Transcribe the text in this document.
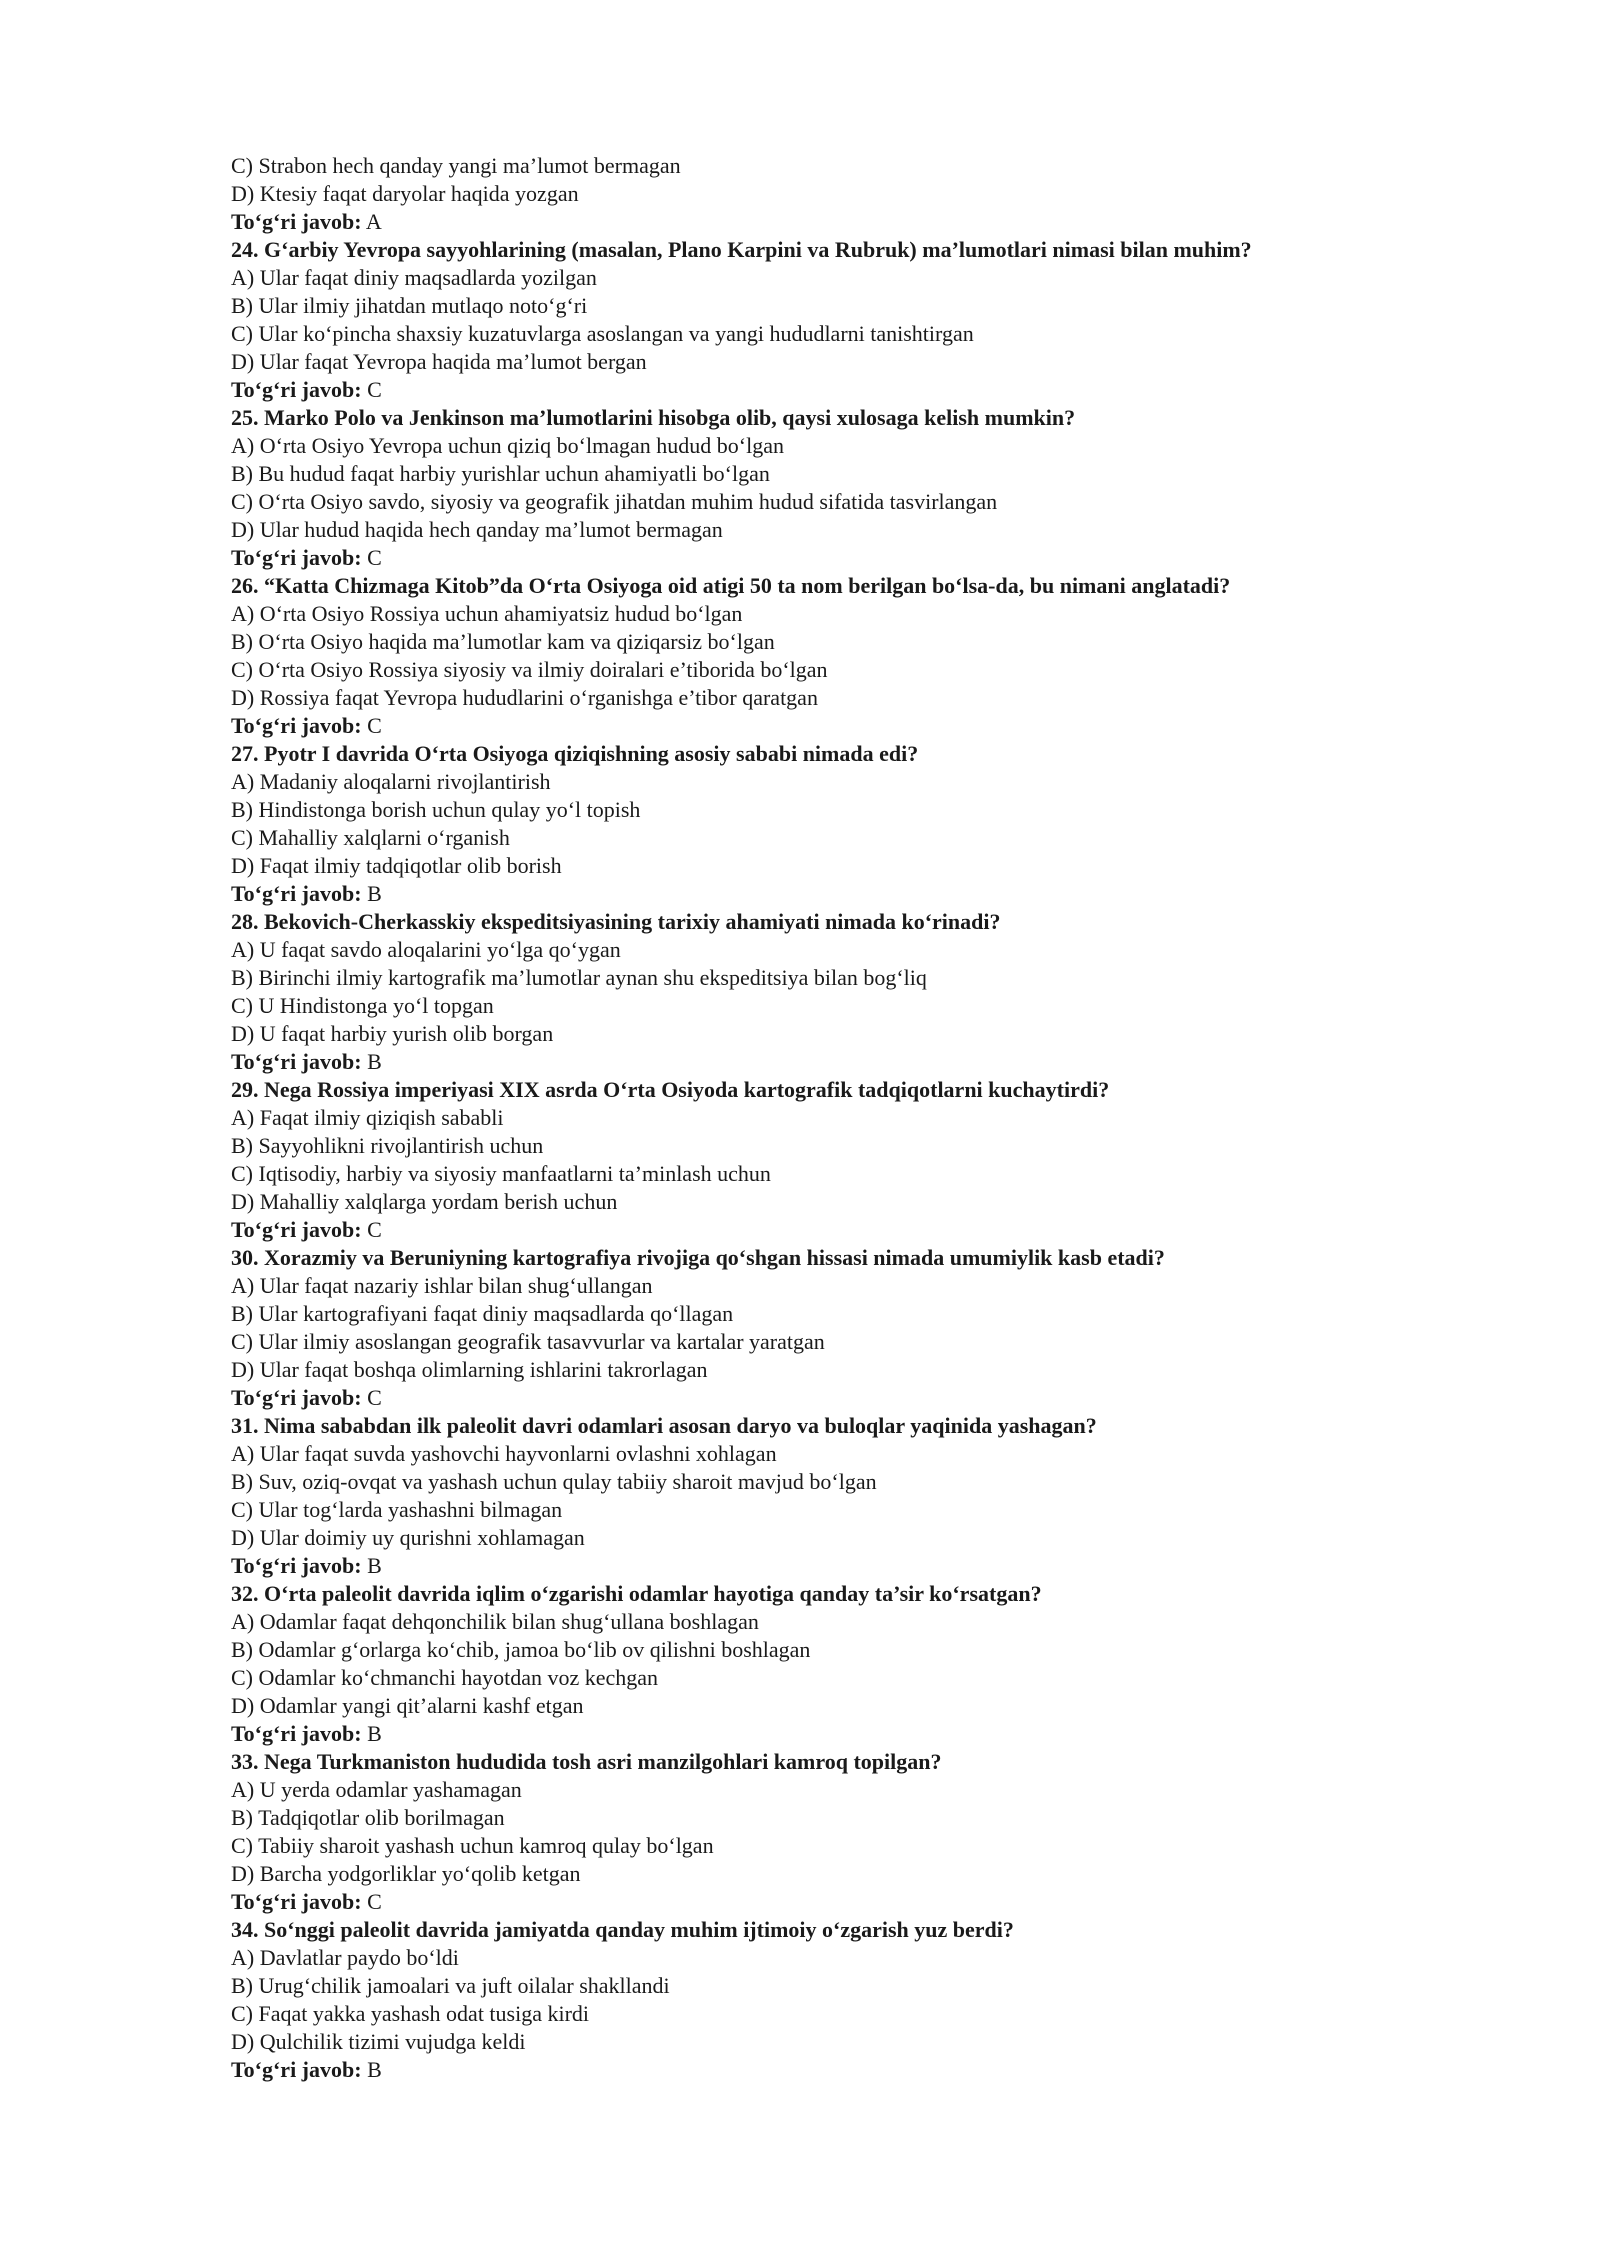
C) Strabon hech qanday yangi ma’lumot bermagan
D) Ktesiy faqat daryolar haqida yozgan
To‘g‘ri javob: A
24. G‘arbiy Yevropa sayyohlarining (masalan, Plano Karpini va Rubruk) ma’lumotlari nimasi bilan muhim?
A) Ular faqat diniy maqsadlarda yozilgan
B) Ular ilmiy jihatdan mutlaqo noto‘g‘ri
C) Ular ko‘pincha shaxsiy kuzatuvlarga asoslangan va yangi hududlarni tanishtirgan
D) Ular faqat Yevropa haqida ma’lumot bergan
To‘g‘ri javob: C
25. Marko Polo va Jenkinson ma’lumotlarini hisobga olib, qaysi xulosaga kelish mumkin?
A) O‘rta Osiyo Yevropa uchun qiziq bo‘lmagan hudud bo‘lgan
B) Bu hudud faqat harbiy yurishlar uchun ahamiyatli bo‘lgan
C) O‘rta Osiyo savdo, siyosiy va geografik jihatdan muhim hudud sifatida tasvirlangan
D) Ular hudud haqida hech qanday ma’lumot bermagan
To‘g‘ri javob: C
26. “Katta Chizmaga Kitob”da O‘rta Osiyoga oid atigi 50 ta nom berilgan bo‘lsa-da, bu nimani anglatadi?
A) O‘rta Osiyo Rossiya uchun ahamiyatsiz hudud bo‘lgan
B) O‘rta Osiyo haqida ma’lumotlar kam va qiziqarsiz bo‘lgan
C) O‘rta Osiyo Rossiya siyosiy va ilmiy doiralari e’tiborida bo‘lgan
D) Rossiya faqat Yevropa hududlarini o‘rganishga e’tibor qaratgan
To‘g‘ri javob: C
27. Pyotr I davrida O‘rta Osiyoga qiziqishning asosiy sababi nimada edi?
A) Madaniy aloqalarni rivojlantirish
B) Hindistonga borish uchun qulay yo‘l topish
C) Mahalliy xalqlarni o‘rganish
D) Faqat ilmiy tadqiqotlar olib borish
To‘g‘ri javob: B
28. Bekovich-Cherkasskiy ekspeditsiyasining tarixiy ahamiyati nimada ko‘rinadi?
A) U faqat savdo aloqalarini yo‘lga qo‘ygan
B) Birinchi ilmiy kartografik ma’lumotlar aynan shu ekspeditsiya bilan bog‘liq
C) U Hindistonga yo‘l topgan
D) U faqat harbiy yurish olib borgan
To‘g‘ri javob: B
29. Nega Rossiya imperiyasi XIX asrda O‘rta Osiyoda kartografik tadqiqotlarni kuchaytirdi?
A) Faqat ilmiy qiziqish sababli
B) Sayyohlikni rivojlantirish uchun
C) Iqtisodiy, harbiy va siyosiy manfaatlarni ta’minlash uchun
D) Mahalliy xalqlarga yordam berish uchun
To‘g‘ri javob: C
30. Xorazmiy va Beruniyning kartografiya rivojiga qo‘shgan hissasi nimada umumiylik kasb etadi?
A) Ular faqat nazariy ishlar bilan shug‘ullangan
B) Ular kartografiyani faqat diniy maqsadlarda qo‘llagan
C) Ular ilmiy asoslangan geografik tasavvurlar va kartalar yaratgan
D) Ular faqat boshqa olimlarning ishlarini takrorlagan
To‘g‘ri javob: C
31. Nima sababdan ilk paleolit davri odamlari asosan daryo va buloqlar yaqinida yashagan?
A) Ular faqat suvda yashovchi hayvonlarni ovlashni xohlagan
B) Suv, oziq-ovqat va yashash uchun qulay tabiiy sharoit mavjud bo‘lgan
C) Ular tog‘larda yashashni bilmagan
D) Ular doimiy uy qurishni xohlamagan
To‘g‘ri javob: B
32. O‘rta paleolit davrida iqlim o‘zgarishi odamlar hayotiga qanday ta’sir ko‘rsatgan?
A) Odamlar faqat dehqonchilik bilan shug‘ullana boshlagan
B) Odamlar g‘orlarga ko‘chib, jamoa bo‘lib ov qilishni boshlagan
C) Odamlar ko‘chmanchi hayotdan voz kechgan
D) Odamlar yangi qit’alarni kashf etgan
To‘g‘ri javob: B
33. Nega Turkmaniston hududida tosh asri manzilgohlari kamroq topilgan?
A) U yerda odamlar yashamagan
B) Tadqiqotlar olib borilmagan
C) Tabiiy sharoit yashash uchun kamroq qulay bo‘lgan
D) Barcha yodgorliklar yo‘qolib ketgan
To‘g‘ri javob: C
34. So‘nggi paleolit davrida jamiyatda qanday muhim ijtimoiy o‘zgarish yuz berdi?
A) Davlatlar paydo bo‘ldi
B) Urug‘chilik jamoalari va juft oilalar shakllandi
C) Faqat yakka yashash odat tusiga kirdi
D) Qulchilik tizimi vujudga keldi
To‘g‘ri javob: B
